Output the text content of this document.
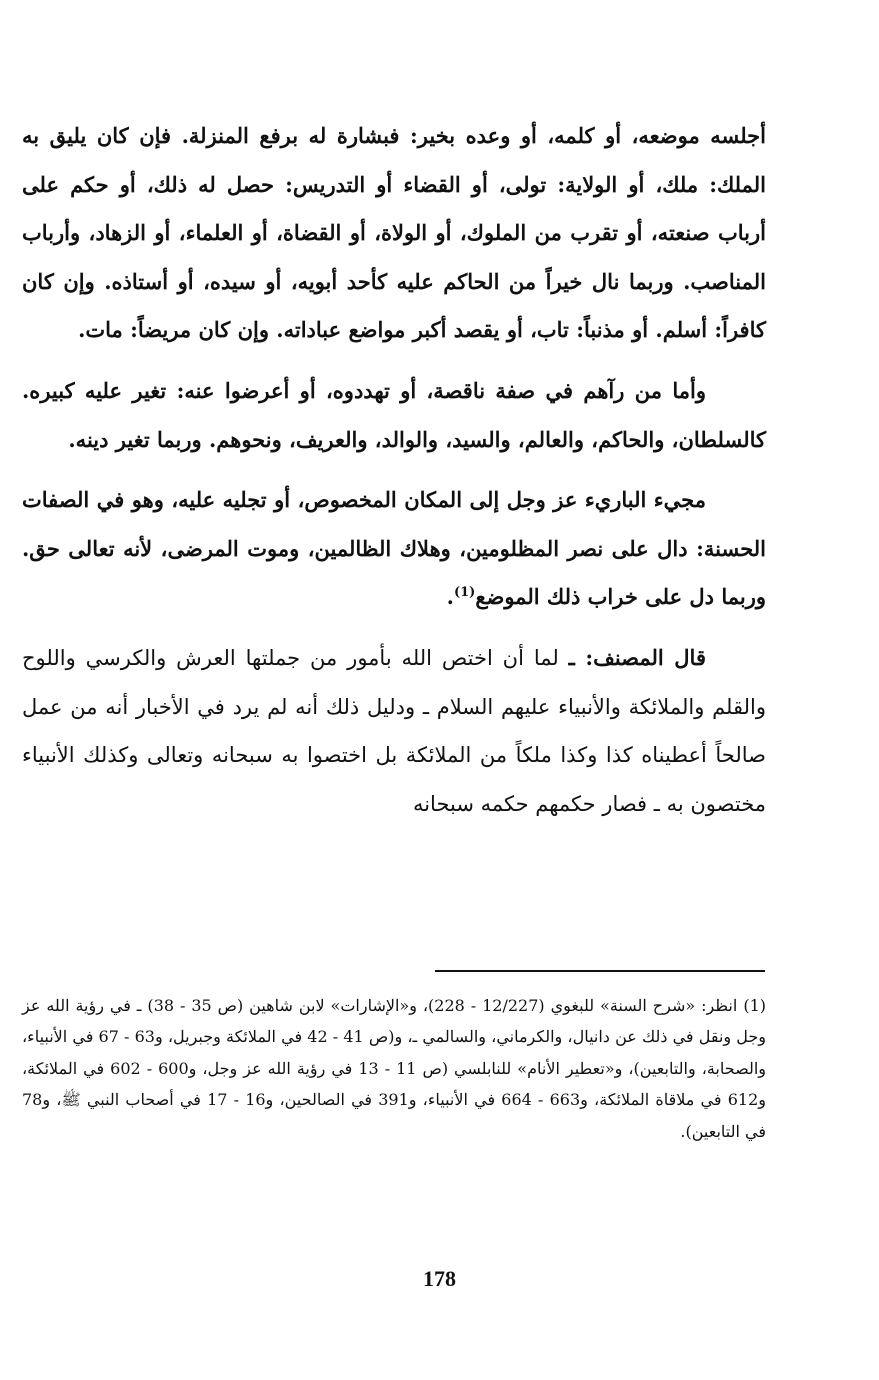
أجلسه موضعه، أو كلمه، أو وعده بخير: فبشارة له برفع المنزلة. فإن كان يليق به الملك: ملك، أو الولاية: تولى، أو القضاء أو التدريس: حصل له ذلك، أو حكم على أرباب صنعته، أو تقرب من الملوك، أو الولاة، أو القضاة، أو العلماء، أو الزهاد، وأرباب المناصب. وربما نال خيراً من الحاكم عليه كأحد أبويه، أو سيده، أو أستاذه. وإن كان كافراً: أسلم. أو مذنباً: تاب، أو يقصد أكبر مواضع عباداته. وإن كان مريضاً: مات.

وأما من رآهم في صفة ناقصة، أو تهددوه، أو أعرضوا عنه: تغير عليه كبيره. كالسلطان، والحاكم، والعالم، والسيد، والوالد، والعريف، ونحوهم. وربما تغير دينه.

مجيء الباريء عز وجل إلى المكان المخصوص، أو تجليه عليه، وهو في الصفات الحسنة: دال على نصر المظلومين، وهلاك الظالمين، وموت المرضى، لأنه تعالى حق. وربما دل على خراب ذلك الموضع$^{(1)}$.

قال المصنف: ـ لما أن اختص الله بأمور من جملتها العرش والكرسي واللوح والقلم والملائكة والأنبياء عليهم السلام ـ ودليل ذلك أنه لم يرد في الأخبار أنه من عمل صالحاً أعطيناه كذا وكذا ملكاً من الملائكة بل اختصوا به سبحانه وتعالى وكذلك الأنبياء مختصون به ـ فصار حكمهم حكمه سبحانه

(1)انظر: «شرح السنة» للبغوي (12/227 - 228)، و«الإشارات» لابن شاهين (ص 35 - 38) ـ في رؤية الله عز وجل ونقل في ذلك عن دانيال، والكرماني، والسالمي ـ، و(ص 41 - 42 في الملائكة وجبريل، و63 - 67 في الأنبياء، والصحابة، والتابعين)، و«تعطير الأنام» للنابلسي (ص 11 - 13 في رؤية الله عز وجل، و600 - 602 في الملائكة، و612 في ملاقاة الملائكة، و663 - 664 في الأنبياء، و391 في الصالحين، و16 - 17 في أصحاب النبي ﷺ، و78 في التابعين).

178
